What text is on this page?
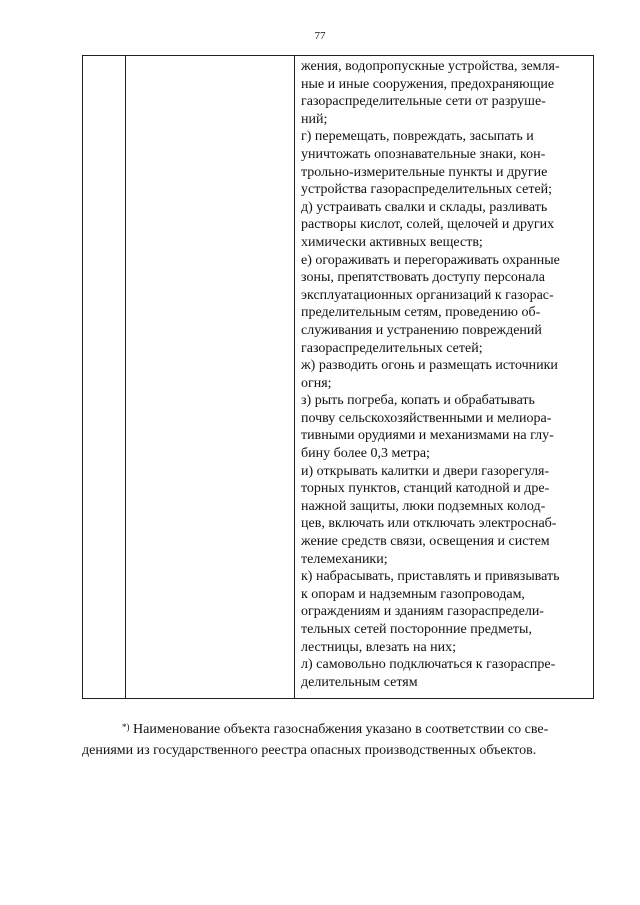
77

жения, водопропускные устройства, земля-
ные и иные сооружения, предохраняющие
газораспределительные сети от разруше-
ний;
г) перемещать, повреждать, засыпать и
уничтожать опознавательные знаки, кон-
трольно-измерительные пункты и другие
устройства газораспределительных сетей;
д) устраивать свалки и склады, разливать
растворы кислот, солей, щелочей и других
химически активных веществ;
е) огораживать и перегораживать охранные
зоны, препятствовать доступу персонала
эксплуатационных организаций к газорас-
пределительным сетям, проведению об-
служивания и устранению повреждений
газораспределительных сетей;
ж) разводить огонь и размещать источники
огня;
з) рыть погреба, копать и обрабатывать
почву сельскохозяйственными и мелиора-
тивными орудиями и механизмами на глу-
бину более 0,3 метра;
и) открывать калитки и двери газорегуля-
торных пунктов, станций катодной и дре-
нажной защиты, люки подземных колод-
цев, включать или отключать электроснаб-
жение средств связи, освещения и систем
телемеханики;
к) набрасывать, приставлять и привязывать
к опорам и надземным газопроводам,
ограждениям и зданиям газораспредели-
тельных сетей посторонние предметы,
лестницы, влезать на них;
л) самовольно подключаться к газораспре-
делительным сетям
*) Наименование объекта газоснабжения указано в соответствии со све-
дениями из государственного реестра опасных производственных объектов.
